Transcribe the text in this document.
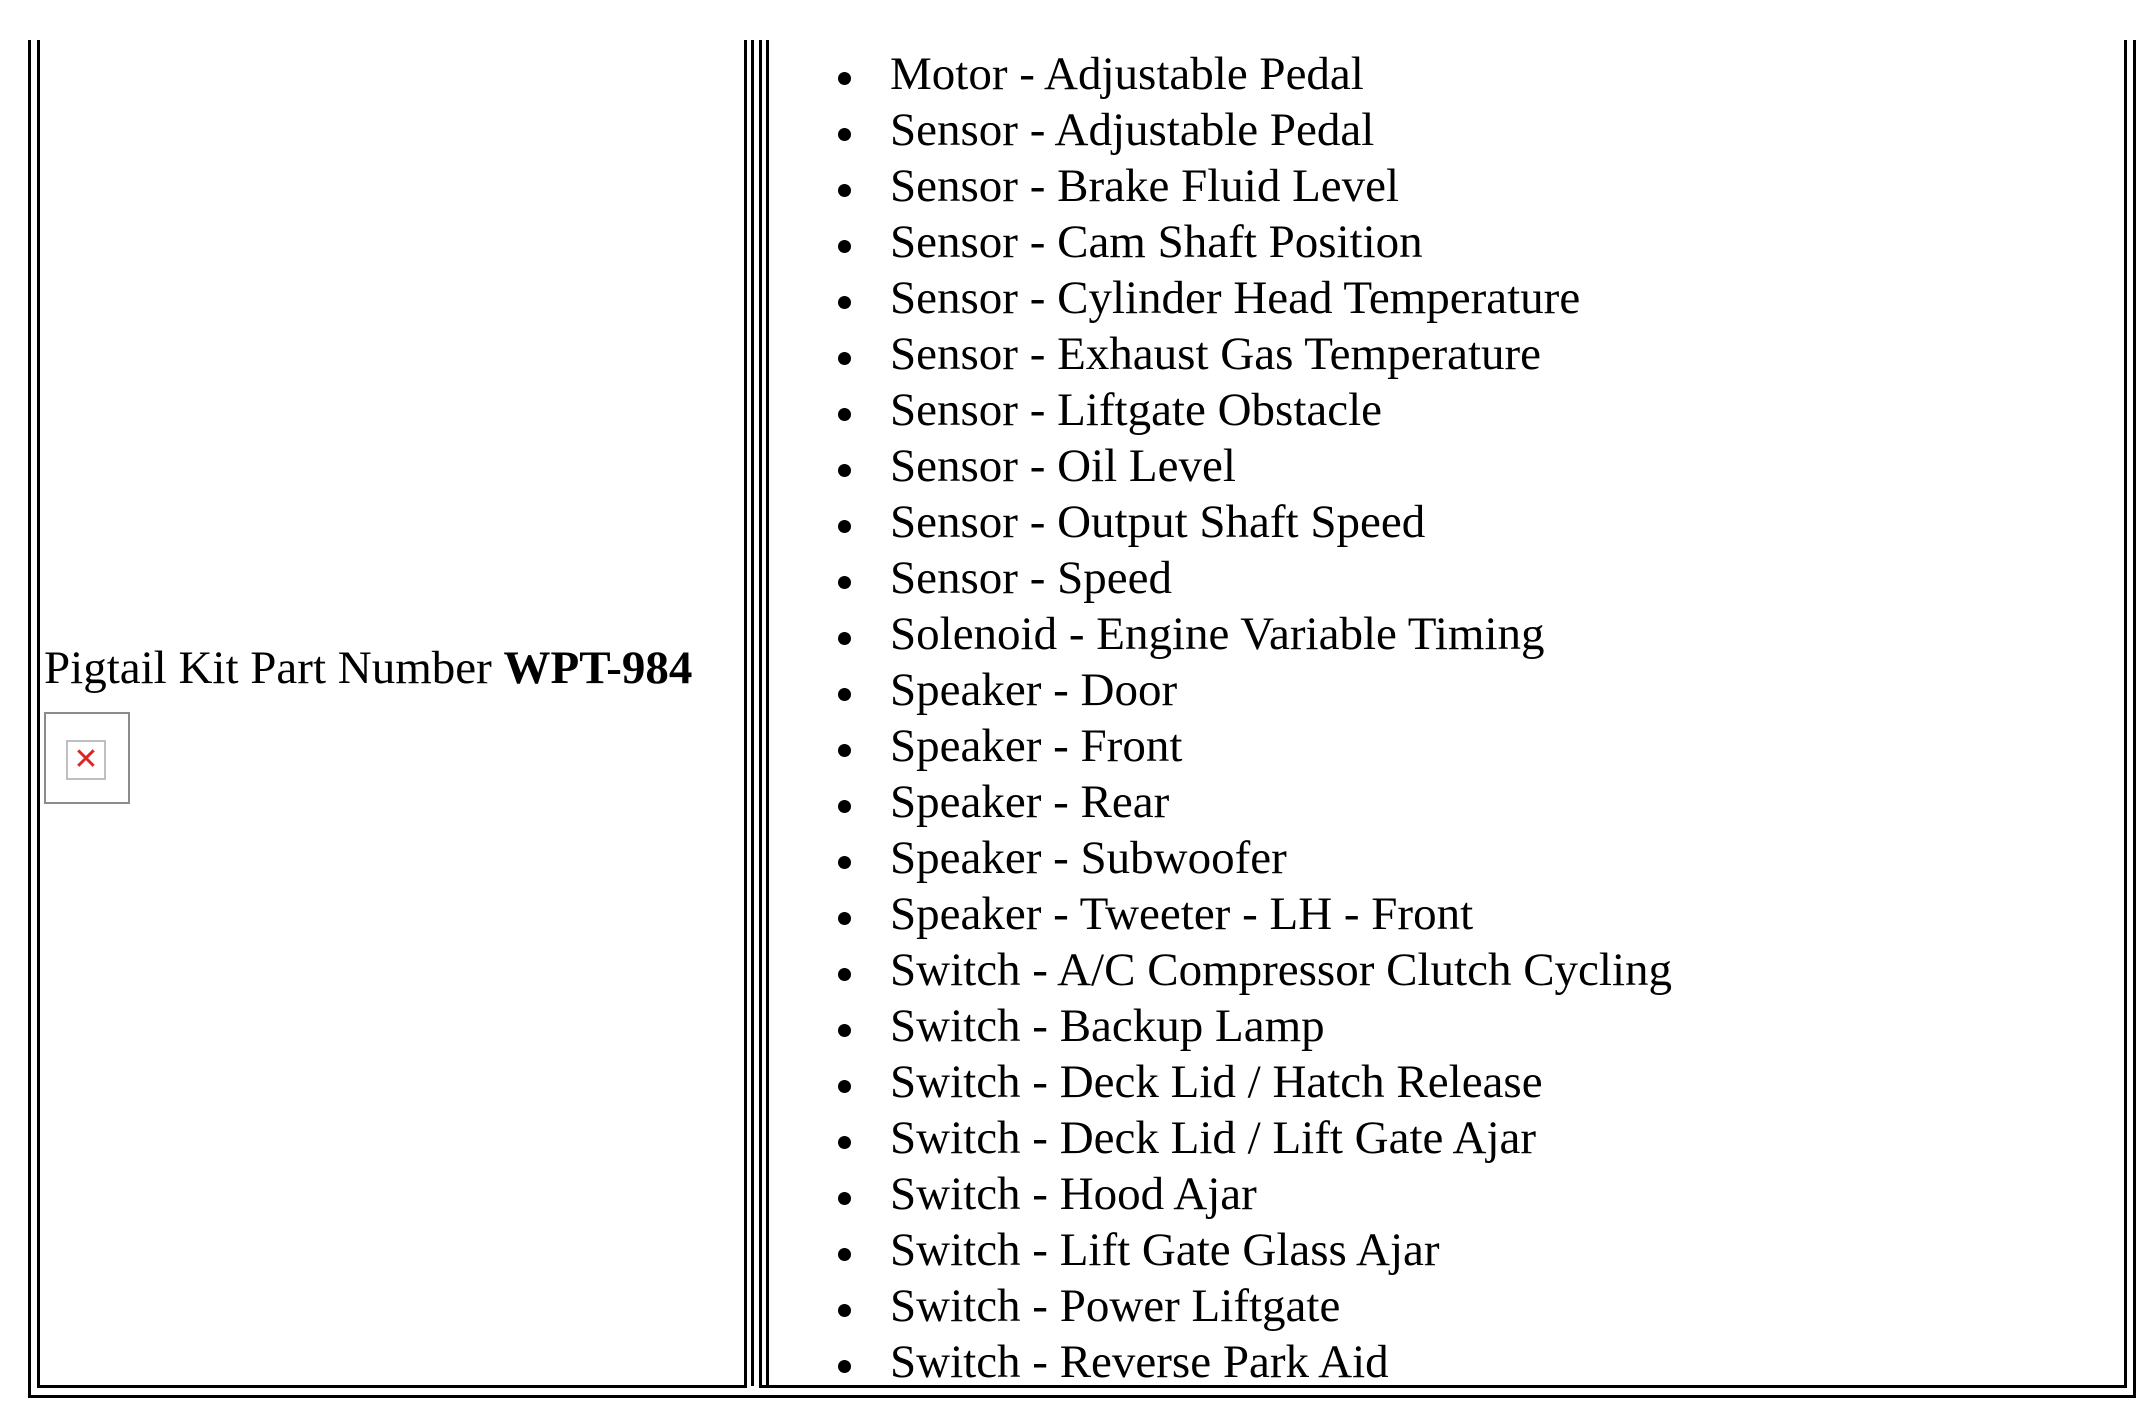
Pigtail Kit Part Number WPT-984
✕
Motor - Adjustable Pedal
Sensor - Adjustable Pedal
Sensor - Brake Fluid Level
Sensor - Cam Shaft Position
Sensor - Cylinder Head Temperature
Sensor - Exhaust Gas Temperature
Sensor - Liftgate Obstacle
Sensor - Oil Level
Sensor - Output Shaft Speed
Sensor - Speed
Solenoid - Engine Variable Timing
Speaker - Door
Speaker - Front
Speaker - Rear
Speaker - Subwoofer
Speaker - Tweeter - LH - Front
Switch - A/C Compressor Clutch Cycling
Switch - Backup Lamp
Switch - Deck Lid / Hatch Release
Switch - Deck Lid / Lift Gate Ajar
Switch - Hood Ajar
Switch - Lift Gate Glass Ajar
Switch - Power Liftgate
Switch - Reverse Park Aid
